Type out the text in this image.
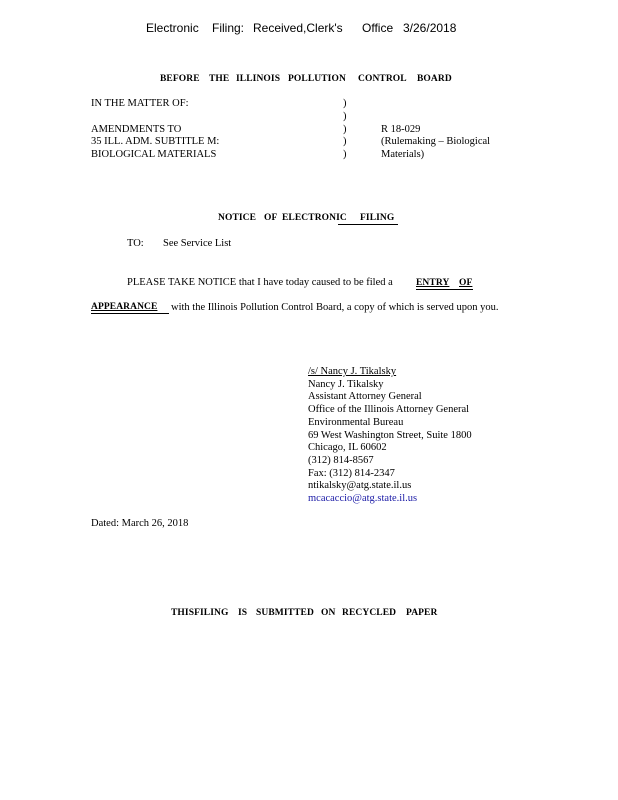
Electronic Filing: Received,Clerk's Office 3/26/2018
BEFORE THE ILLINOIS POLLUTION CONTROL BOARD
IN THE MATTER OF:
AMENDMENTS TO
35 ILL. ADM. SUBTITLE M:
BIOLOGICAL MATERIALS
)
)
)
)
)
R 18-029
(Rulemaking – Biological
Materials)
NOTICE OF ELECTRONIC FILING
TO: See Service List
PLEASE TAKE NOTICE that I have today caused to be filed a ENTRY OF
APPEARANCE with the Illinois Pollution Control Board, a copy of which is served upon you.
/s/ Nancy J. Tikalsky
Nancy J. Tikalsky
Assistant Attorney General
Office of the Illinois Attorney General
Environmental Bureau
69 West Washington Street, Suite 1800
Chicago, IL 60602
(312) 814-8567
Fax: (312) 814-2347
ntikalsky@atg.state.il.us
mcacaccio@atg.state.il.us
Dated: March 26, 2018
THISFILING IS SUBMITTED ON RECYCLED PAPER
